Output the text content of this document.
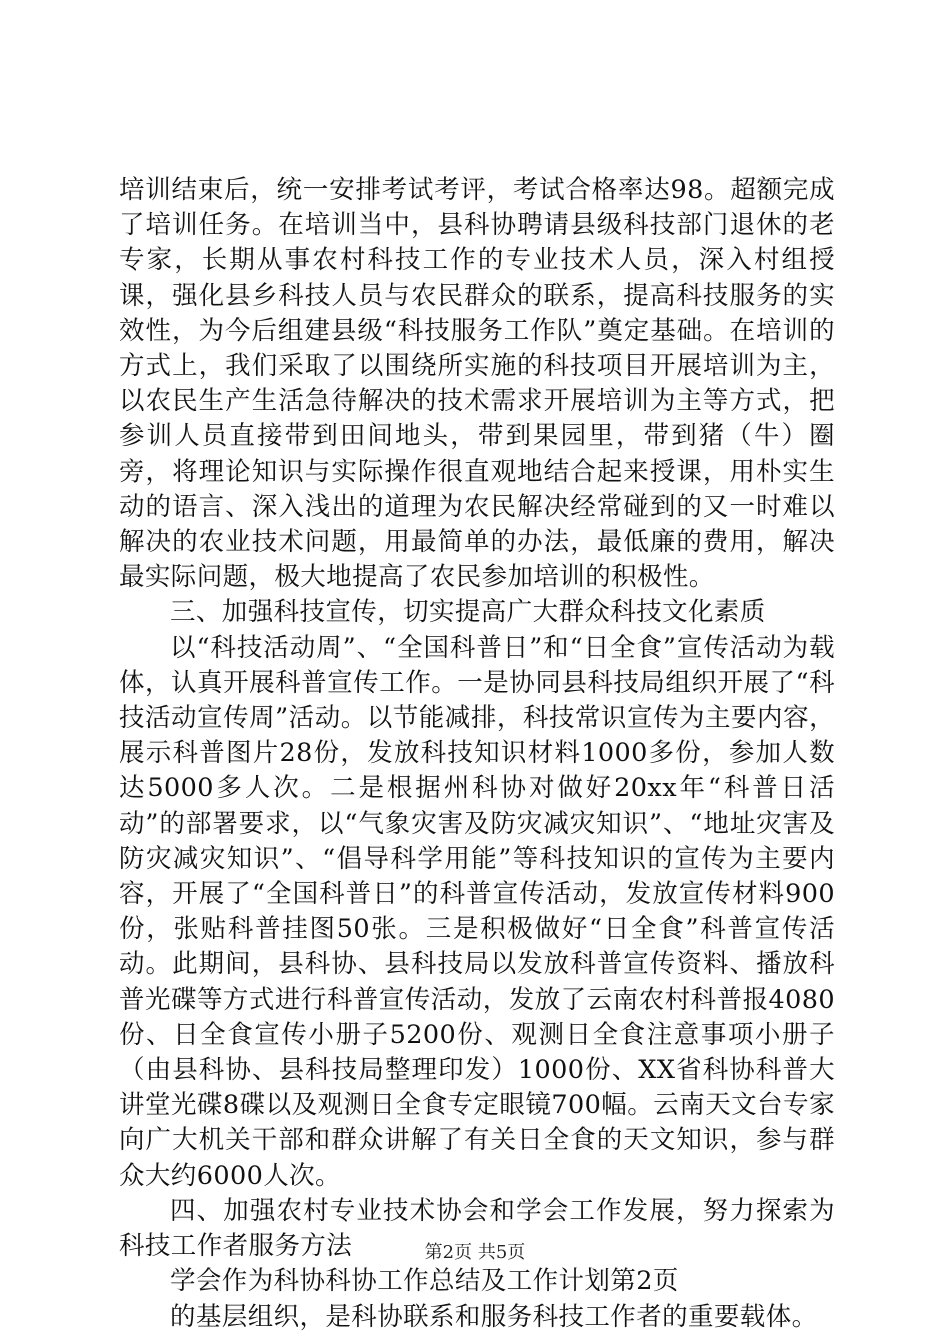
培训结束后，统一安排考试考评，考试合格率达98。超额完成了培训任务。在培训当中，县科协聘请县级科技部门退休的老专家，长期从事农村科技工作的专业技术人员，深入村组授课，强化县乡科技人员与农民群众的联系，提高科技服务的实效性，为今后组建县级“科技服务工作队”奠定基础。在培训的方式上，我们采取了以围绕所实施的科技项目开展培训为主，以农民生产生活急待解决的技术需求开展培训为主等方式，把参训人员直接带到田间地头，带到果园里，带到猪（牛）圈旁，将理论知识与实际操作很直观地结合起来授课，用朴实生动的语言、深入浅出的道理为农民解决经常碰到的又一时难以解决的农业技术问题，用最简单的办法，最低廉的费用，解决最实际问题，极大地提高了农民参加培训的积极性。

三、加强科技宣传，切实提高广大群众科技文化素质

以“科技活动周”、“全国科普日”和“日全食”宣传活动为载体，认真开展科普宣传工作。一是协同县科技局组织开展了“科技活动宣传周”活动。以节能减排，科技常识宣传为主要内容，展示科普图片28份，发放科技知识材料1000多份，参加人数达5000多人次。二是根据州科协对做好20xx年“科普日活动”的部署要求，以“气象灾害及防灾减灾知识”、“地址灾害及防灾减灾知识”、“倡导科学用能”等科技知识的宣传为主要内容，开展了“全国科普日”的科普宣传活动，发放宣传材料900份，张贴科普挂图50张。三是积极做好“日全食”科普宣传活动。此期间，县科协、县科技局以发放科普宣传资料、播放科普光碟等方式进行科普宣传活动，发放了云南农村科普报4080份、日全食宣传小册子5200份、观测日全食注意事项小册子（由县科协、县科技局整理印发）1000份、XX省科协科普大讲堂光碟8碟以及观测日全食专定眼镜700幅。云南天文台专家向广大机关干部和群众讲解了有关日全食的天文知识，参与群众大约6000人次。

四、加强农村专业技术协会和学会工作发展，努力探索为科技工作者服务方法

学会作为科协科协工作总结及工作计划第2页

的基层组织，是科协联系和服务科技工作者的重要载体。

第2页 共5页
